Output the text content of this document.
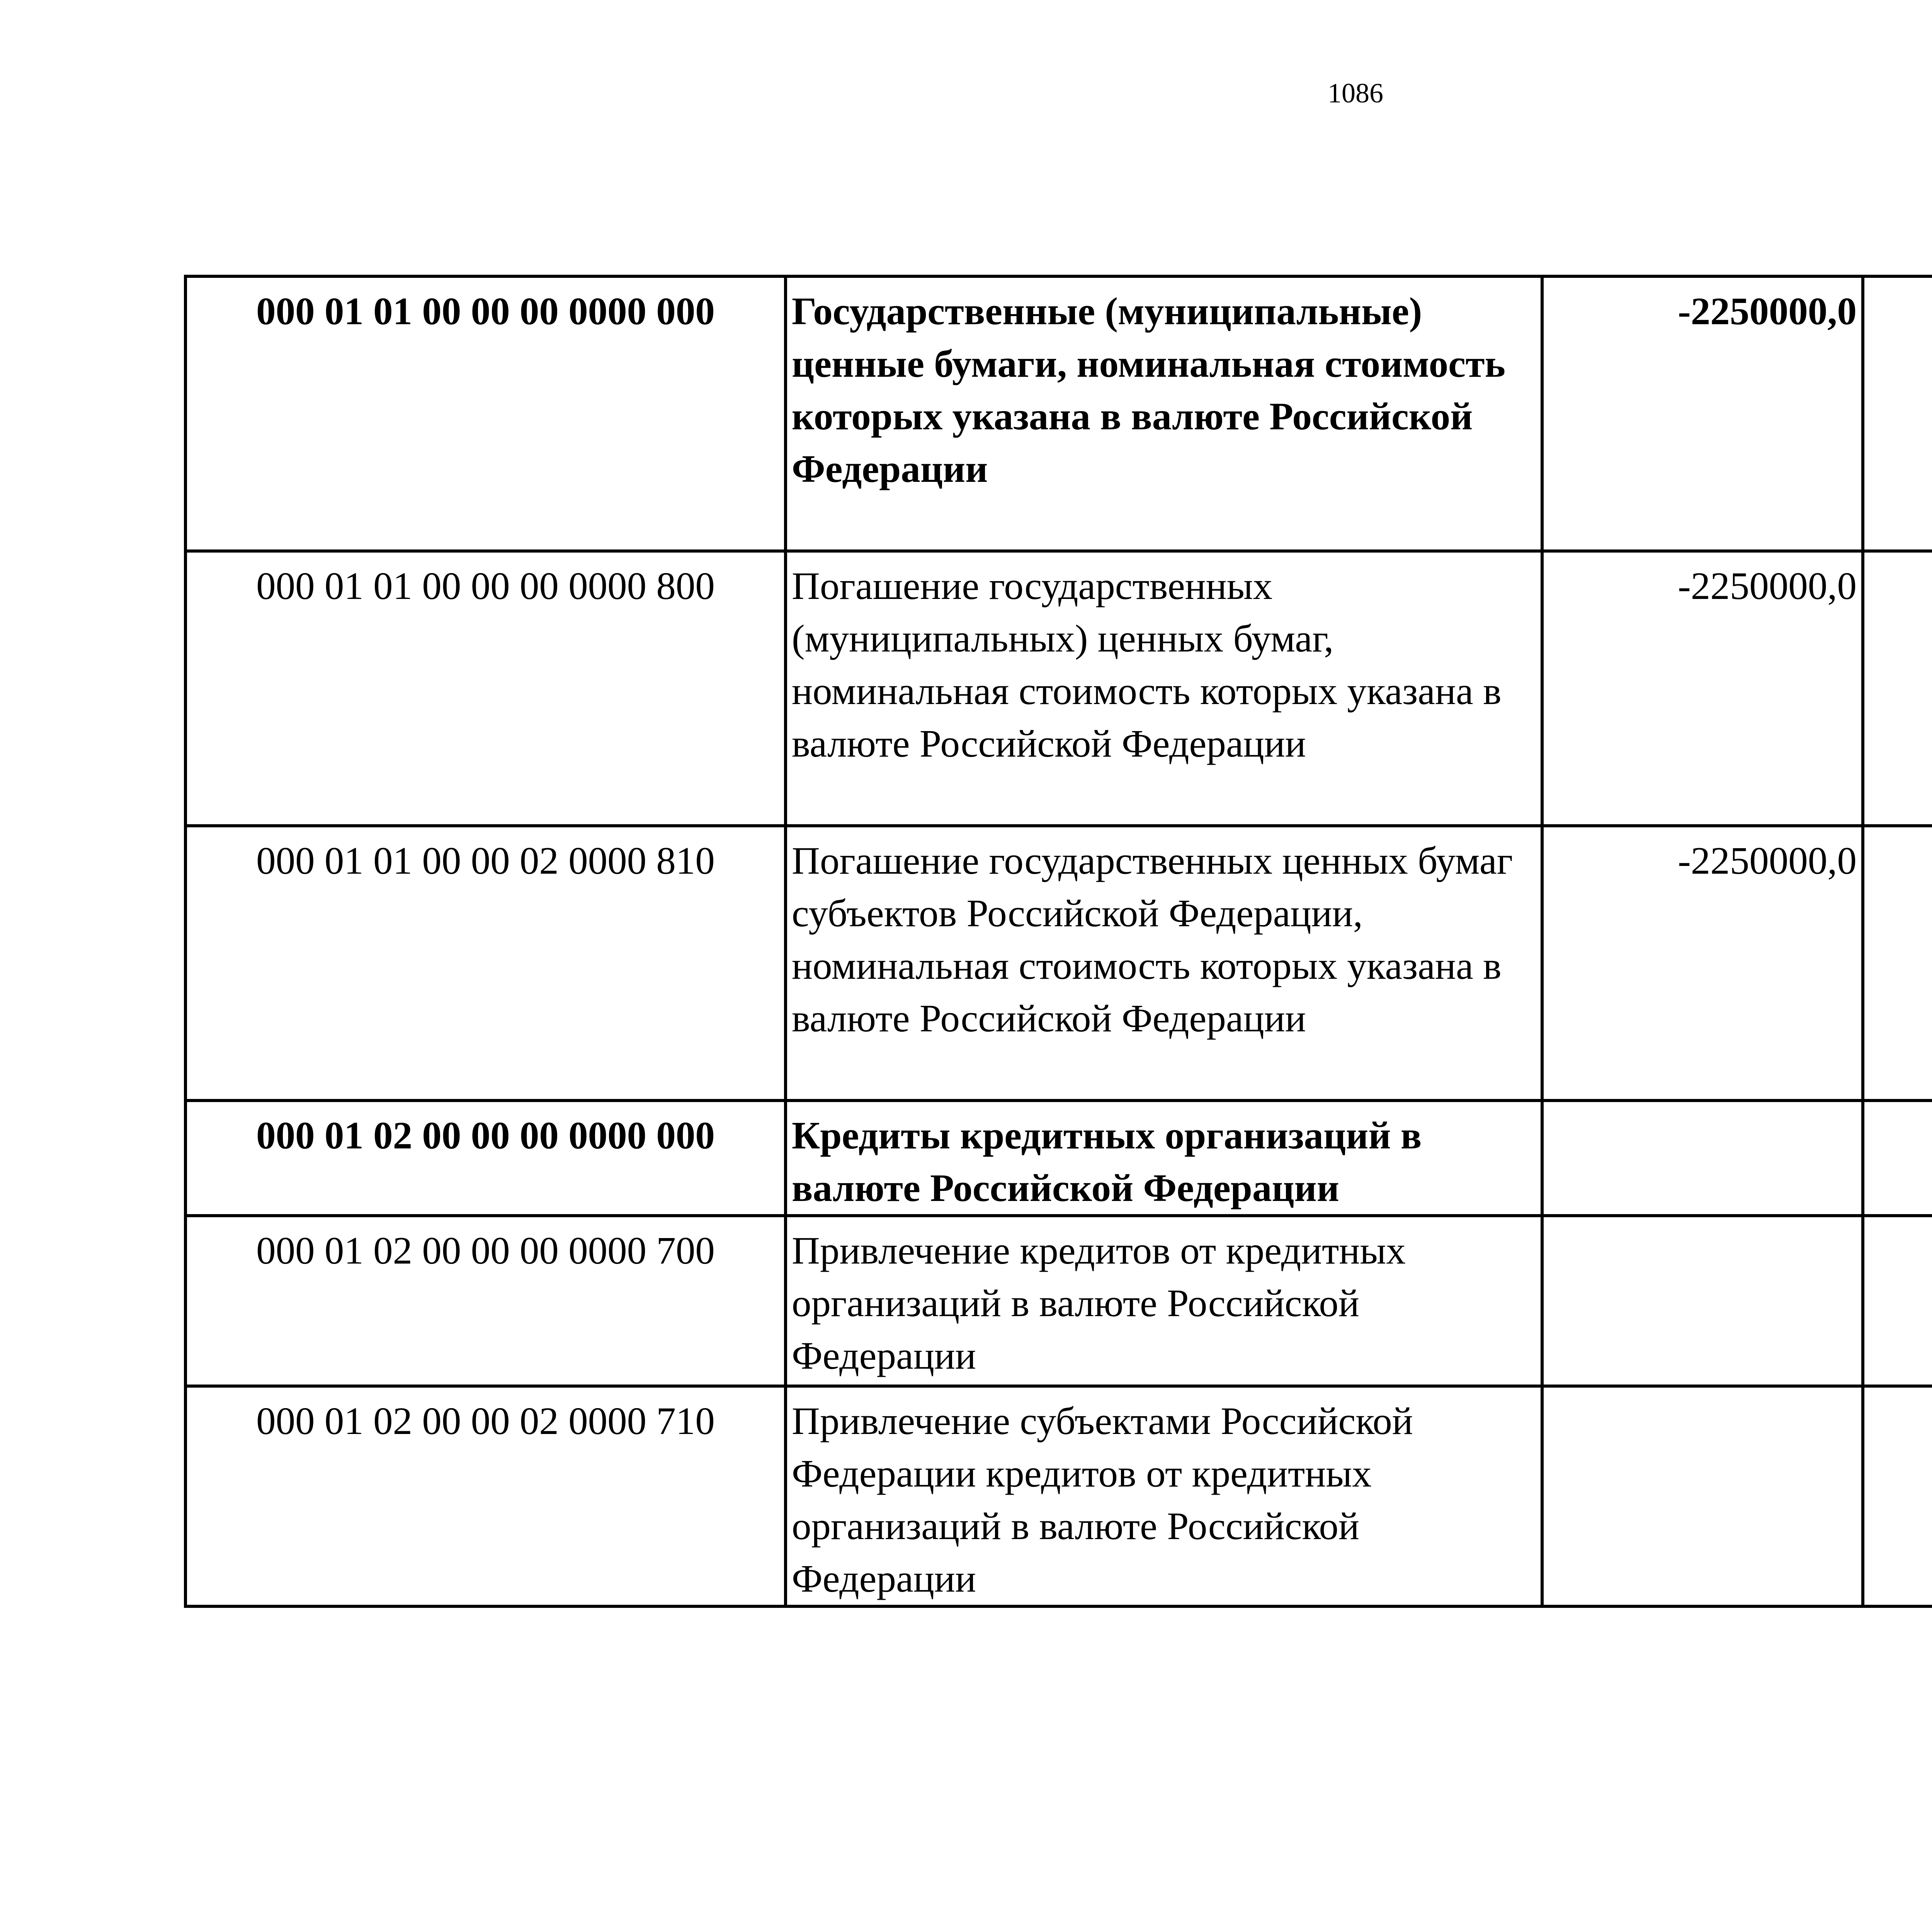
1086
000 01 01 00 00 00 0000 000	Государственные (муниципальные) ценные бумаги, номинальная стоимость которых указана в валюте Российской Федерации	-2250000,0		
000 01 01 00 00 00 0000 800	Погашение государственных (муниципальных) ценных бумаг, номинальная стоимость которых указана в валюте Российской Федерации	-2250000,0		
000 01 01 00 00 02 0000 810	Погашение государственных ценных бумаг субъектов Российской Федерации, номинальная стоимость которых указана в валюте Российской Федерации	-2250000,0		
000 01 02 00 00 00 0000 000	Кредиты кредитных организаций в валюте Российской Федерации			
000 01 02 00 00 00 0000 700	Привлечение кредитов от кредитных организаций в валюте Российской Федерации			
000 01 02 00 00 02 0000 710	Привлечение субъектами Российской Федерации кредитов от кредитных организаций в валюте Российской Федерации			
